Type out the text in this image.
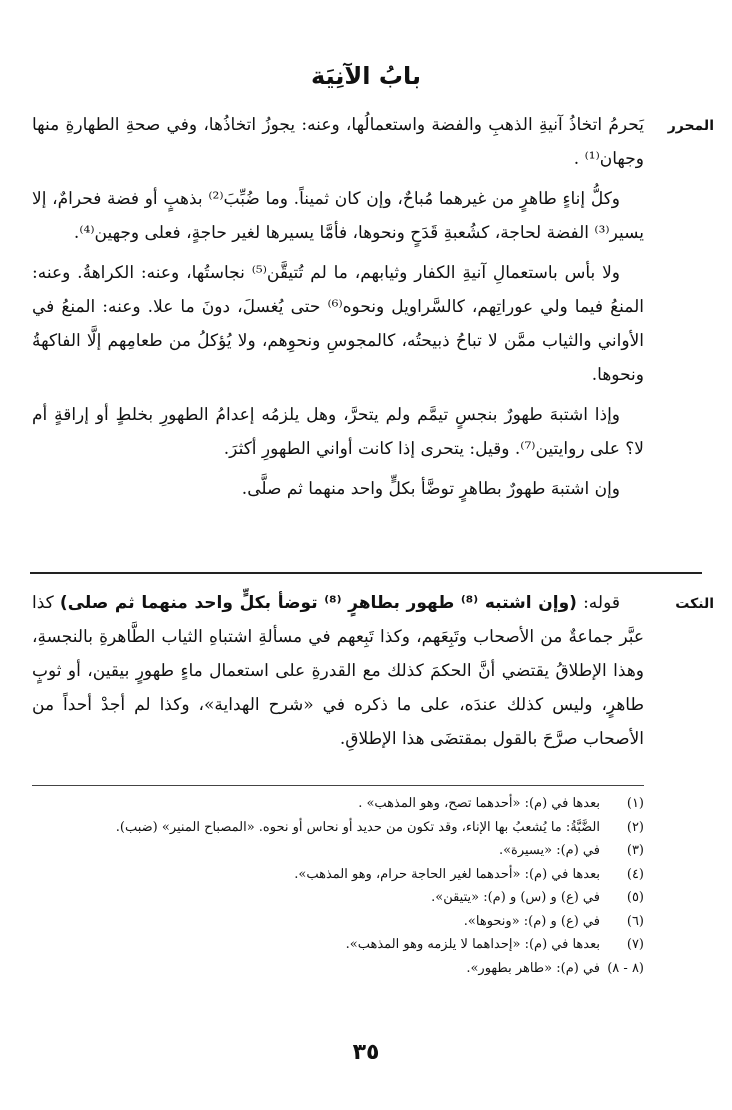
بابُ الآنِيَة
المحرر

يَحرمُ اتخاذُ آنيةِ الذهبِ والفضة واستعمالُها، وعنه: يجوزُ اتخاذُها، وفي صحةِ الطهارةِ منها وجهان⁽¹⁾ .

وكلُّ إناءٍ طاهرٍ من غيرهما مُباحٌ، وإن كان ثميناً. وما ضُبِّبَ⁽²⁾ بذهبٍ أو فضة فحرامٌ، إلا يسير⁽³⁾ الفضة لحاجة، كشُعبةِ قَدَحٍ ونحوها، فأمَّا يسيرها لغير حاجةٍ، فعلى وجهين⁽⁴⁾.

ولا بأس باستعمالِ آنيةِ الكفار وثيابهم، ما لم تُتيقَّن⁽⁵⁾ نجاستُها، وعنه: الكراهةُ. وعنه: المنعُ فيما ولي عوراتِهم، كالسَّراويل ونحوه⁽⁶⁾ حتى يُغسلَ، دونَ ما علا. وعنه: المنعُ في الأواني والثياب ممَّن لا تباحُ ذبيحتُه، كالمجوسِ ونحوِهم، ولا يُؤكلُ من طعامِهم إلَّا الفاكهةُ ونحوها.

وإذا اشتبهَ طهورٌ بنجسٍ تيمَّم ولم يتحرَّ، وهل يلزمُه إعدامُ الطهورِ بخلطٍ أو إراقةٍ أم لا؟ على روايتين⁽⁷⁾. وقيل: يتحرى إذا كانت أواني الطهورِ أكثرَ.

وإن اشتبهَ طهورٌ بطاهرٍ توضَّأ بكلٍّ واحد منهما ثم صلَّى.

النكت

قوله: (وإن اشتبه ⁽⁸⁾ طهور بطاهرٍ ⁽⁸⁾ توضأ بكلٍّ واحد منهما ثم صلى) كذا عبَّر جماعةٌ من الأصحاب وتَبِعَهم، وكذا تَبِعهم في مسألةِ اشتباهِ الثياب الطَّاهرةِ بالنجسةِ، وهذا الإطلاقُ يقتضي أنَّ الحكمَ كذلك مع القدرةِ على استعمال ماءٍ طهورٍ بيقين، أو ثوبٍ طاهرٍ، وليس كذلك عندَه، على ما ذكره في «شرح الهداية»، وكذا لم أجدْ أحداً من الأصحاب صرَّحَ بالقول بمقتضَى هذا الإطلاقِ.

(١)
بعدها في (م): «أحدهما تصح، وهو المذهب» .
(٢)
الضَّبَّةُ: ما يُشعبُ بها الإناء، وقد تكون من حديد أو نحاس أو نحوه. «المصباح المنير» (ضبب).
(٣)
في (م): «يسيرة».
(٤)
بعدها في (م): «أحدهما لغير الحاجة حرام، وهو المذهب».
(٥)
في (ع) و (س) و (م): «يتيقن».
(٦)
في (ع) و (م): «ونحوها».
(٧)
بعدها في (م): «إحداهما لا يلزمه وهو المذهب».
(٨ - ٨)
في (م): «طاهر بطهور».
٣٥
